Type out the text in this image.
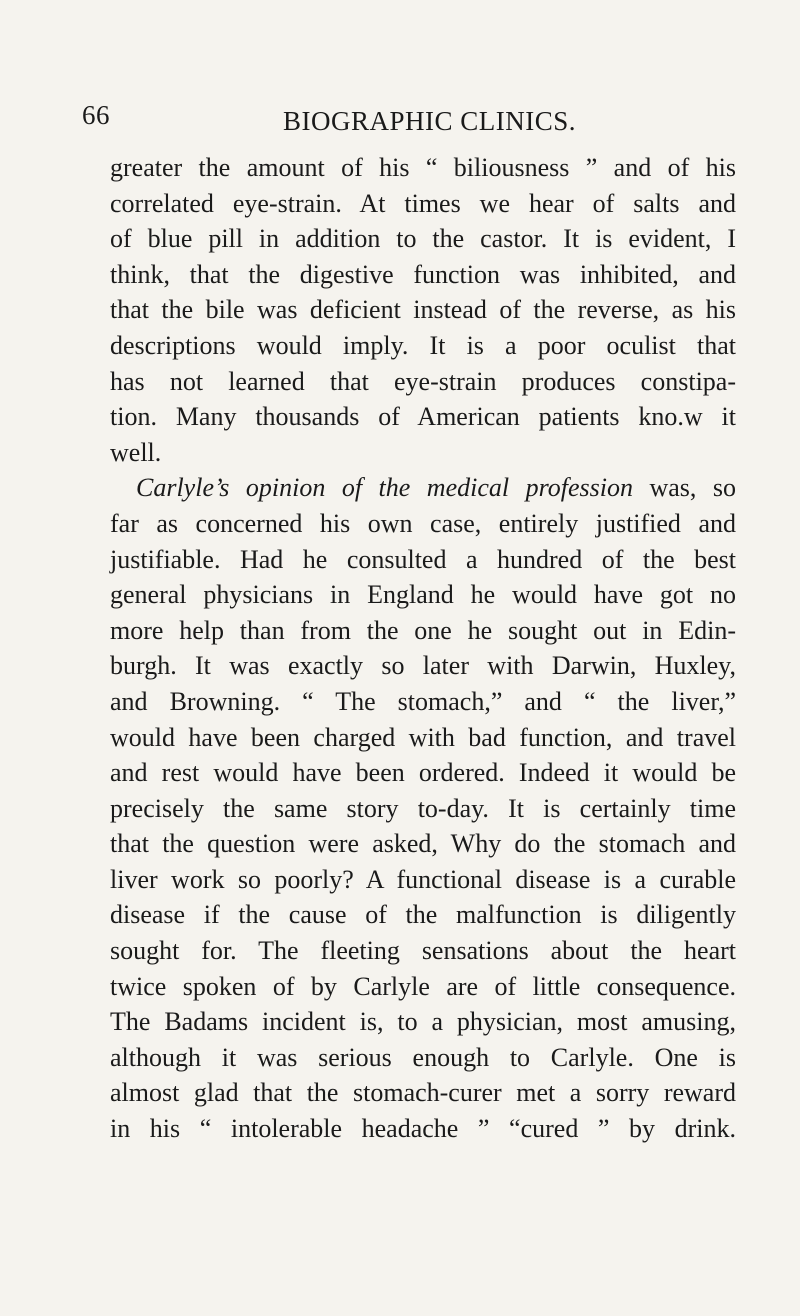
66	BIOGRAPHIC CLINICS.
greater the amount of his “ biliousness ” and of his
correlated eye-strain. At times we hear of salts and
of blue pill in addition to the castor. It is evident, I
think, that the digestive function was inhibited, and
that the bile was deficient instead of the reverse, as his
descriptions would imply. It is a poor oculist that
has not learned that eye-strain produces constipa-
tion. Many thousands of American patients kno.w it
well.
Carlyle’s opinion of the medical profession was, so
far as concerned his own case, entirely justified and
justifiable. Had he consulted a hundred of the best
general physicians in England he would have got no
more help than from the one he sought out in Edin-
burgh. It was exactly so later with Darwin, Huxley,
and Browning. “ The stomach,” and “ the liver,”
would have been charged with bad function, and travel
and rest would have been ordered. Indeed it would be
precisely the same story to-day. It is certainly time
that the question were asked, Why do the stomach and
liver work so poorly? A functional disease is a curable
disease if the cause of the malfunction is diligently
sought for. The fleeting sensations about the heart
twice spoken of by Carlyle are of little consequence.
The Badams incident is, to a physician, most amusing,
although it was serious enough to Carlyle. One is
almost glad that the stomach-curer met a sorry reward
in his “ intolerable headache ” “cured ” by drink.
